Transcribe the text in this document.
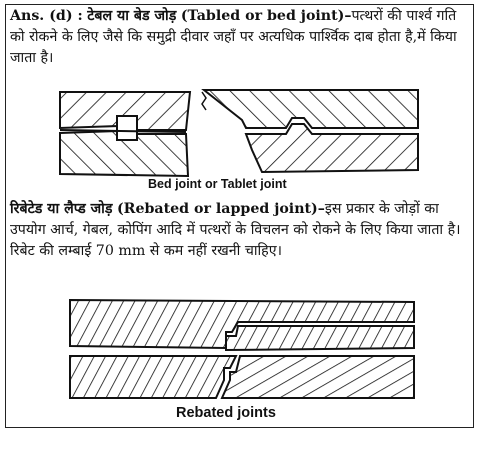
Ans. (d) : टेबल या बेड जोड़ (Tabled or bed joint)–पत्थरों की पार्श्व गति को रोकने के लिए जैसे कि समुद्री दीवार जहाँ पर अत्यधिक पार्श्विक दाब होता है,में किया जाता है।

Bed joint or Tablet joint

रिबेटेड या लैप्ड जोड़ (Rebated or lapped joint)–इस प्रकार के जोड़ों का उपयोग आर्च, गेबल, कोपिंग आदि में पत्थरों के विचलन को रोकने के लिए किया जाता है। रिबेट की लम्बाई 70 mm से कम नहीं रखनी चाहिए।

Rebated joints
